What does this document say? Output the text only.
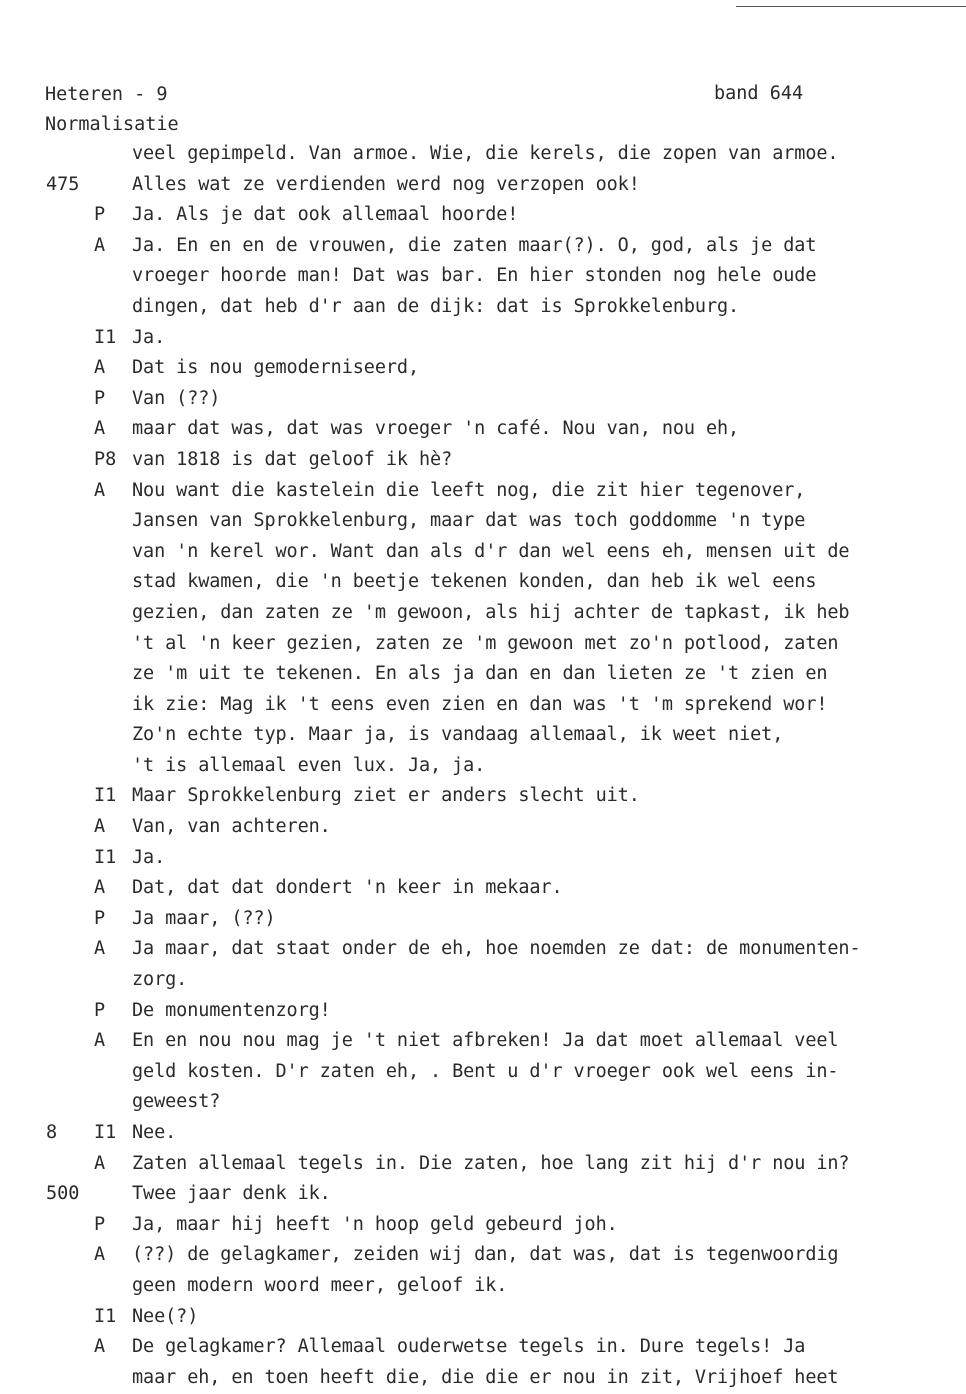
Heteren - 9
Normalisatie
band 644
veel gepimpeld. Van armoe. Wie, die kerels, die zopen van armoe.
475	Alles wat ze verdienden werd nog verzopen ook!
P Ja. Als je dat ook allemaal hoorde!
A Ja. En en en de vrouwen, die zaten maar(?). O, god, als je dat
vroeger hoorde man! Dat was bar. En hier stonden nog hele oude
dingen, dat heb d'r aan de dijk: dat is Sprokkelenburg.
I1 Ja.
A Dat is nou gemoderniseerd,
P Van (??)
A maar dat was, dat was vroeger 'n café. Nou van, nou eh,
P8 van 1818 is dat geloof ik hè?
A Nou want die kastelein die leeft nog, die zit hier tegenover,
Jansen van Sprokkelenburg, maar dat was toch goddomme 'n type
van 'n kerel wor. Want dan als d'r dan wel eens eh, mensen uit de
stad kwamen, die 'n beetje tekenen konden, dan heb ik wel eens
gezien, dan zaten ze 'm gewoon, als hij achter de tapkast, ik heb
't al 'n keer gezien, zaten ze 'm gewoon met zo'n potlood, zaten
ze 'm uit te tekenen. En als ja dan en dan lieten ze 't zien en
ik zie: Mag ik 't eens even zien en dan was 't 'm sprekend wor!
Zo'n echte typ. Maar ja, is vandaag allemaal, ik weet niet,
't is allemaal even lux. Ja, ja.
I1 Maar Sprokkelenburg ziet er anders slecht uit.
A Van, van achteren.
I1 Ja.
A Dat, dat dat dondert 'n keer in mekaar.
P Ja maar, (??)
A Ja maar, dat staat onder de eh, hoe noemden ze dat: de monumenten-
zorg.
P De monumentenzorg!
A En en nou nou mag je 't niet afbreken! Ja dat moet allemaal veel
geld kosten. D'r zaten eh, . Bent u d'r vroeger ook wel eens in-
geweest?
8 I1 Nee.
A Zaten allemaal tegels in. Die zaten, hoe lang zit hij d'r nou in?
500	Twee jaar denk ik.
P Ja, maar hij heeft 'n hoop geld gebeurd joh.
A (??) de gelagkamer, zeiden wij dan, dat was, dat is tegenwoordig
geen modern woord meer, geloof ik.
I1 Nee(?)
A De gelagkamer? Allemaal ouderwetse tegels in. Dure tegels! Ja
maar eh, en toen heeft die, die die er nou in zit, Vrijhoef heet
